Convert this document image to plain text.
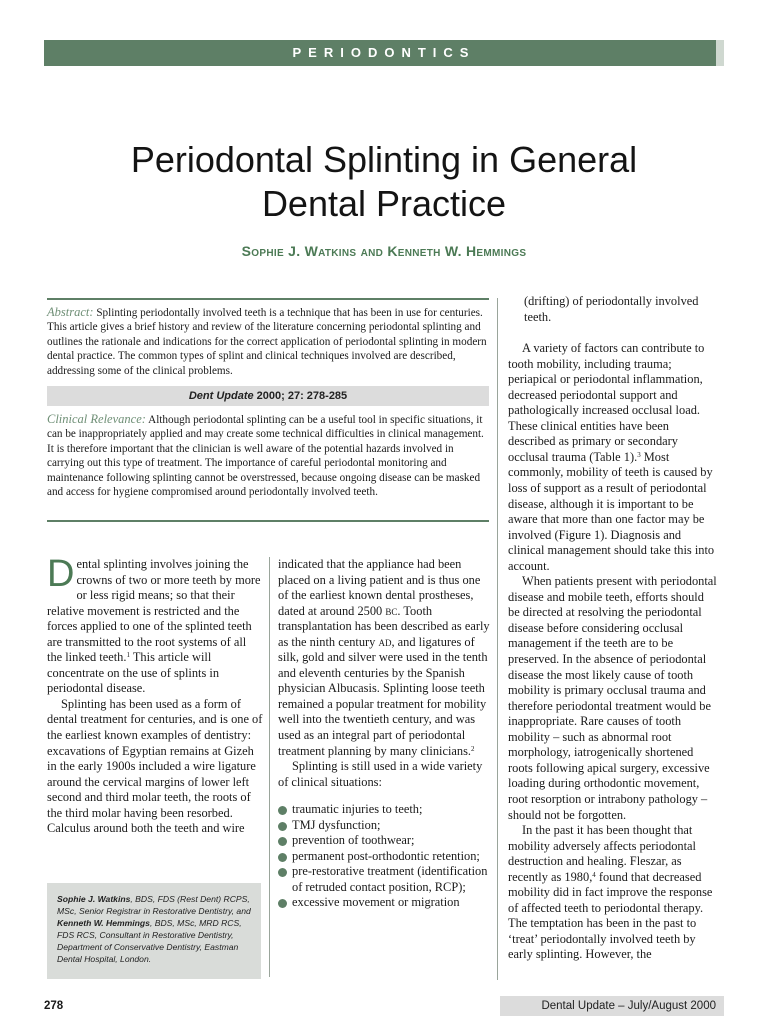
PERIODONTICS
Periodontal Splinting in General
Dental Practice
Sophie J. Watkins and Kenneth W. Hemmings
Abstract: Splinting periodontally involved teeth is a technique that has been in use for centuries. This article gives a brief history and review of the literature concerning periodontal splinting and outlines the rationale and indications for the correct application of periodontal splinting in modern dental practice. The common types of splint and clinical techniques involved are described, addressing some of the clinical problems.
Dent Update 2000; 27: 278-285
Clinical Relevance: Although periodontal splinting can be a useful tool in specific situations, it can be inappropriately applied and may create some technical difficulties in clinical management. It is therefore important that the clinician is well aware of the potential hazards involved in carrying out this type of treatment. The importance of careful periodontal monitoring and maintenance following splinting cannot be overstressed, because ongoing disease can be masked and access for hygiene compromised around periodontally involved teeth.

Dental splinting involves joining the crowns of two or more teeth by more or less rigid means; so that their relative movement is restricted and the forces applied to one of the splinted teeth are transmitted to the root systems of all the linked teeth.$^1$ This article will concentrate on the use of splints in periodontal disease.

Splinting has been used as a form of dental treatment for centuries, and is one of the earliest known examples of dentistry: excavations of Egyptian remains at Gizeh in the early 1900s included a wire ligature around the cervical margins of lower left second and third molar teeth, the roots of the third molar having been resorbed. Calculus around both the teeth and wire

Sophie J. Watkins, BDS, FDS (Rest Dent) RCPS, MSc, Senior Registrar in Restorative Dentistry, and Kenneth W. Hemmings, BDS, MSc, MRD RCS, FDS RCS, Consultant in Restorative Dentistry, Department of Conservative Dentistry, Eastman Dental Hospital, London.

indicated that the appliance had been placed on a living patient and is thus one of the earliest known dental prostheses, dated at around 2500 bc. Tooth transplantation has been described as early as the ninth century ad, and ligatures of silk, gold and silver were used in the tenth and eleventh centuries by the Spanish physician Albucasis. Splinting loose teeth remained a popular treatment for mobility well into the twentieth century, and was used as an integral part of periodontal treatment planning by many clinicians.$^2$

Splinting is still used in a wide variety of clinical situations:

traumatic injuries to teeth;
TMJ dysfunction;
prevention of toothwear;
permanent post-orthodontic retention;
pre-restorative treatment (identification of retruded contact position, RCP);
excessive movement or migration

(drifting) of periodontally involved teeth.

A variety of factors can contribute to tooth mobility, including trauma; periapical or periodontal inflammation, decreased periodontal support and pathologically increased occlusal load. These clinical entities have been described as primary or secondary occlusal trauma (Table 1).$^3$ Most commonly, mobility of teeth is caused by loss of support as a result of periodontal disease, although it is important to be aware that more than one factor may be involved (Figure 1). Diagnosis and clinical management should take this into account.

When patients present with periodontal disease and mobile teeth, efforts should be directed at resolving the periodontal disease before considering occlusal management if the teeth are to be preserved. In the absence of periodontal disease the most likely cause of tooth mobility is primary occlusal trauma and therefore periodontal treatment would be inappropriate. Rare causes of tooth mobility – such as abnormal root morphology, iatrogenically shortened roots following apical surgery, excessive loading during orthodontic movement, root resorption or intrabony pathology – should not be forgotten.

In the past it has been thought that mobility adversely affects periodontal destruction and healing. Fleszar, as recently as 1980,$^4$ found that decreased mobility did in fact improve the response of affected teeth to periodontal therapy. The temptation has been in the past to ‘treat’ periodontally involved teeth by early splinting. However, the

278	Dental Update – July/August 2000
